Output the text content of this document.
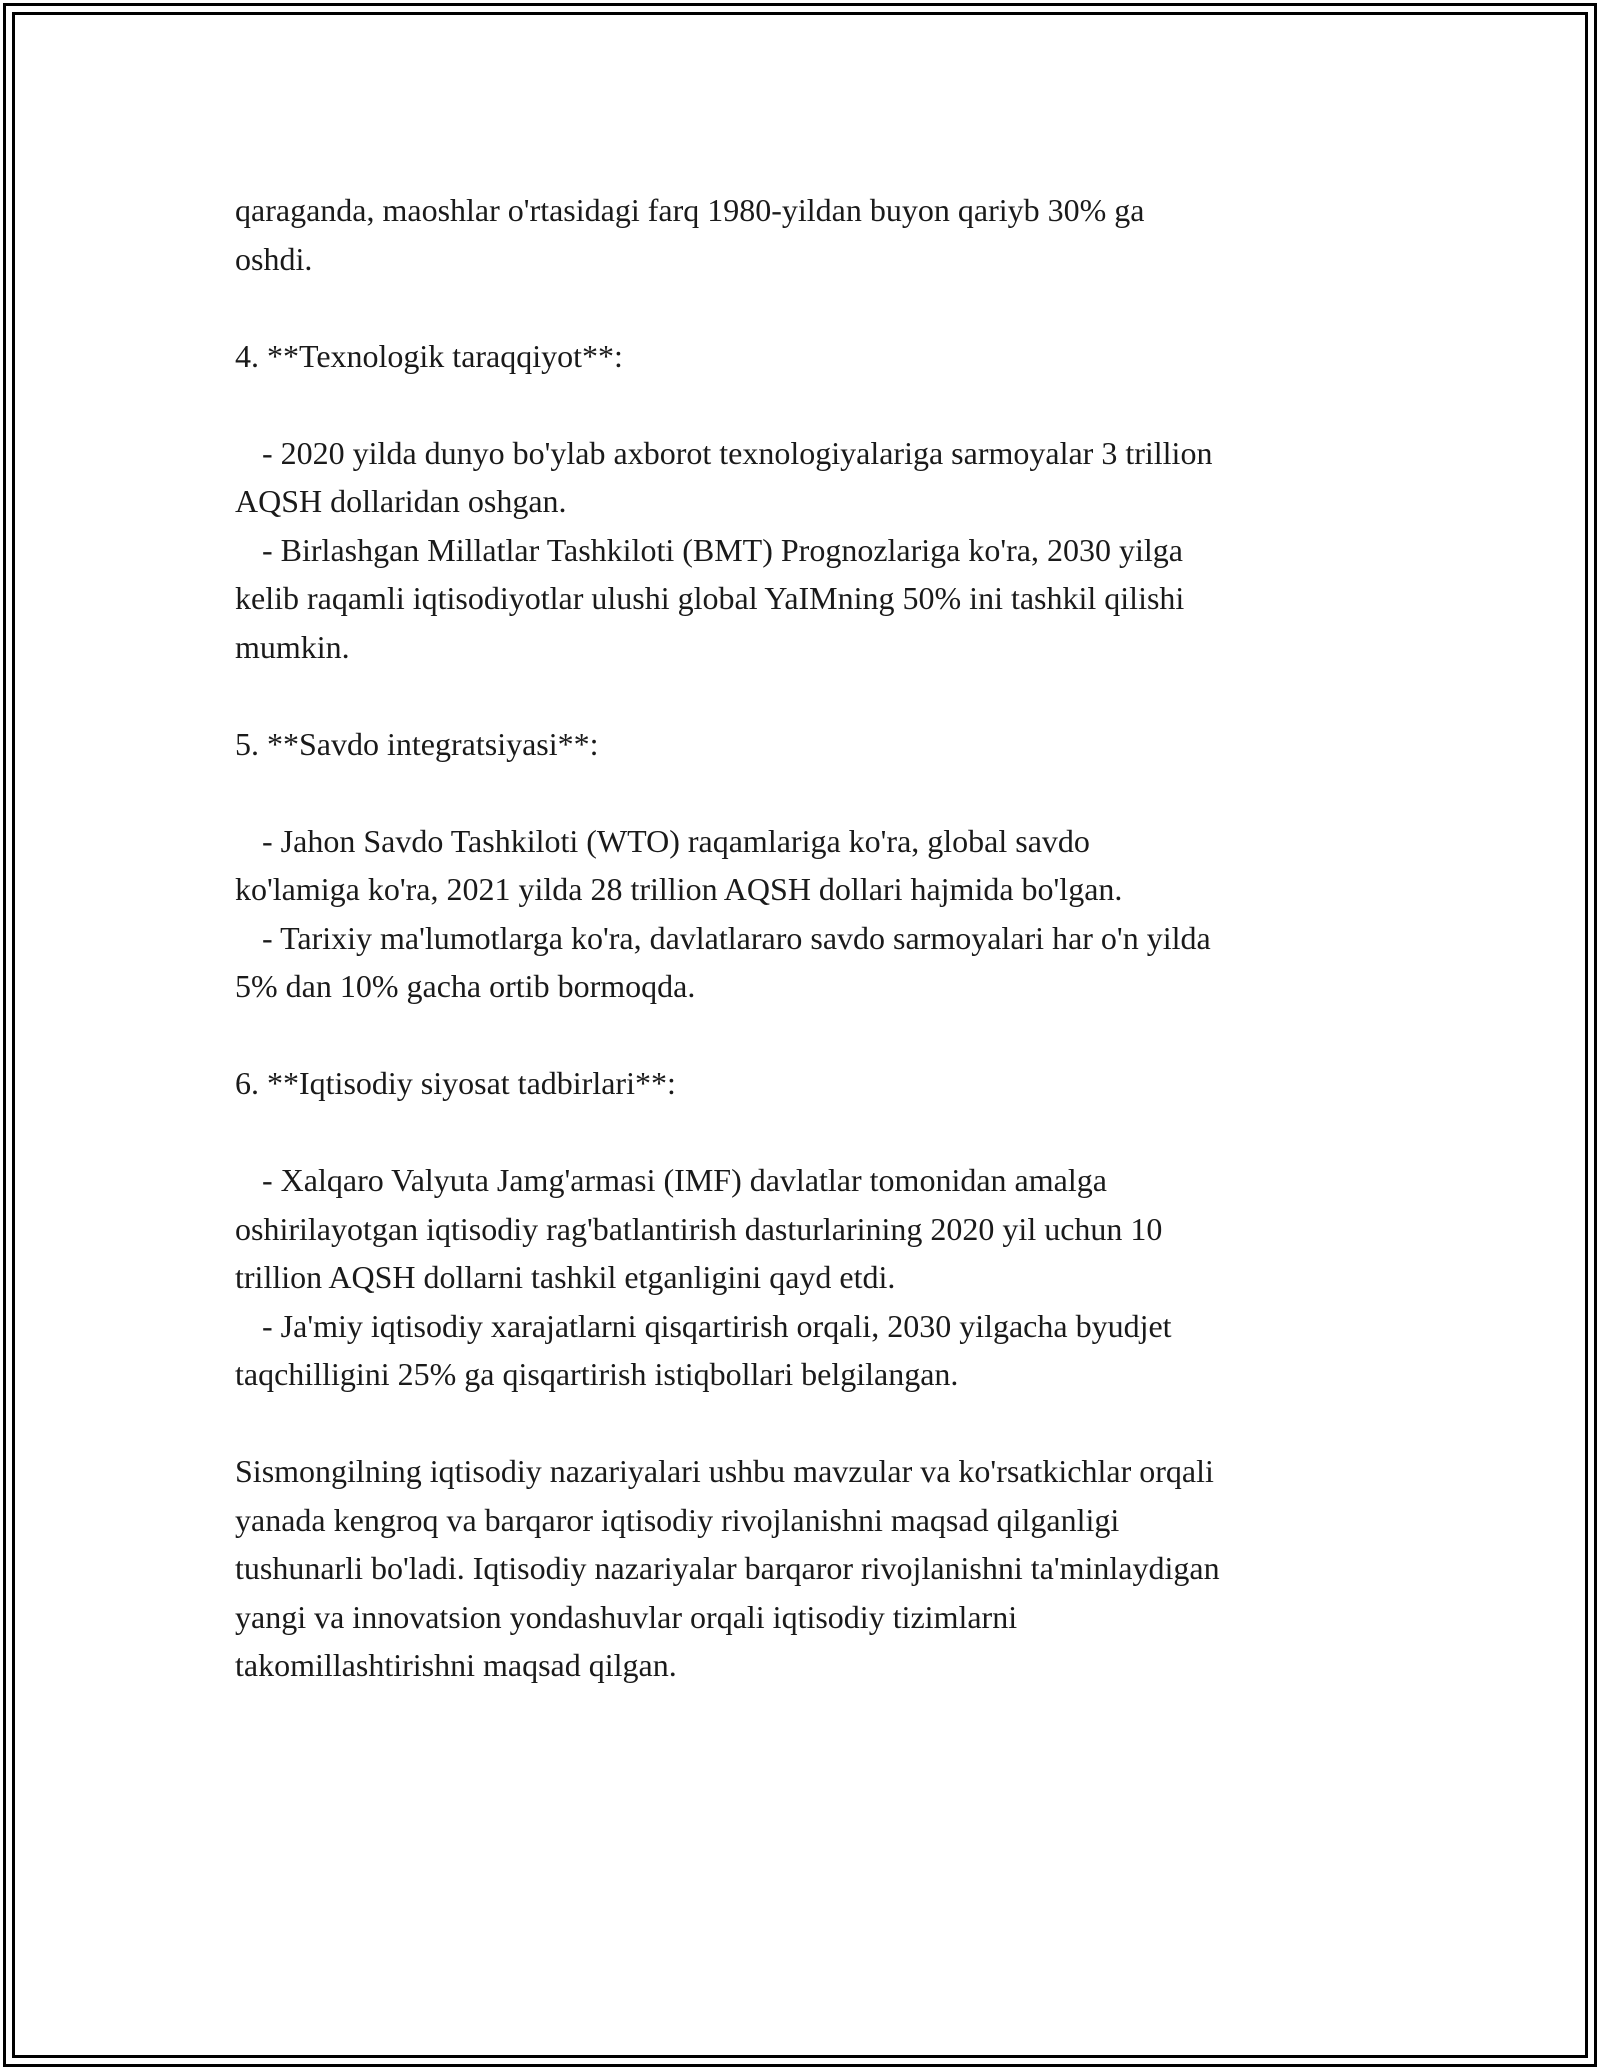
qaraganda, maoshlar o'rtasidagi farq 1980-yildan buyon qariyb 30% ga

oshdi.

4. **Texnologik taraqqiyot**:

- 2020 yilda dunyo bo'ylab axborot texnologiyalariga sarmoyalar 3 trillion

AQSH dollaridan oshgan.

- Birlashgan Millatlar Tashkiloti (BMT) Prognozlariga ko'ra, 2030 yilga

kelib raqamli iqtisodiyotlar ulushi global YaIMning 50% ini tashkil qilishi

mumkin.

5. **Savdo integratsiyasi**:

- Jahon Savdo Tashkiloti (WTO) raqamlariga ko'ra, global savdo

ko'lamiga ko'ra, 2021 yilda 28 trillion AQSH dollari hajmida bo'lgan.

- Tarixiy ma'lumotlarga ko'ra, davlatlararo savdo sarmoyalari har o'n yilda

5% dan 10% gacha ortib bormoqda.

6. **Iqtisodiy siyosat tadbirlari**:

- Xalqaro Valyuta Jamg'armasi (IMF) davlatlar tomonidan amalga

oshirilayotgan iqtisodiy rag'batlantirish dasturlarining 2020 yil uchun 10

trillion AQSH dollarni tashkil etganligini qayd etdi.

- Ja'miy iqtisodiy xarajatlarni qisqartirish orqali, 2030 yilgacha byudjet

taqchilligini 25% ga qisqartirish istiqbollari belgilangan.

Sismongilning iqtisodiy nazariyalari ushbu mavzular va ko'rsatkichlar orqali

yanada kengroq va barqaror iqtisodiy rivojlanishni maqsad qilganligi

tushunarli bo'ladi. Iqtisodiy nazariyalar barqaror rivojlanishni ta'minlaydigan

yangi va innovatsion yondashuvlar orqali iqtisodiy tizimlarni

takomillashtirishni maqsad qilgan.
